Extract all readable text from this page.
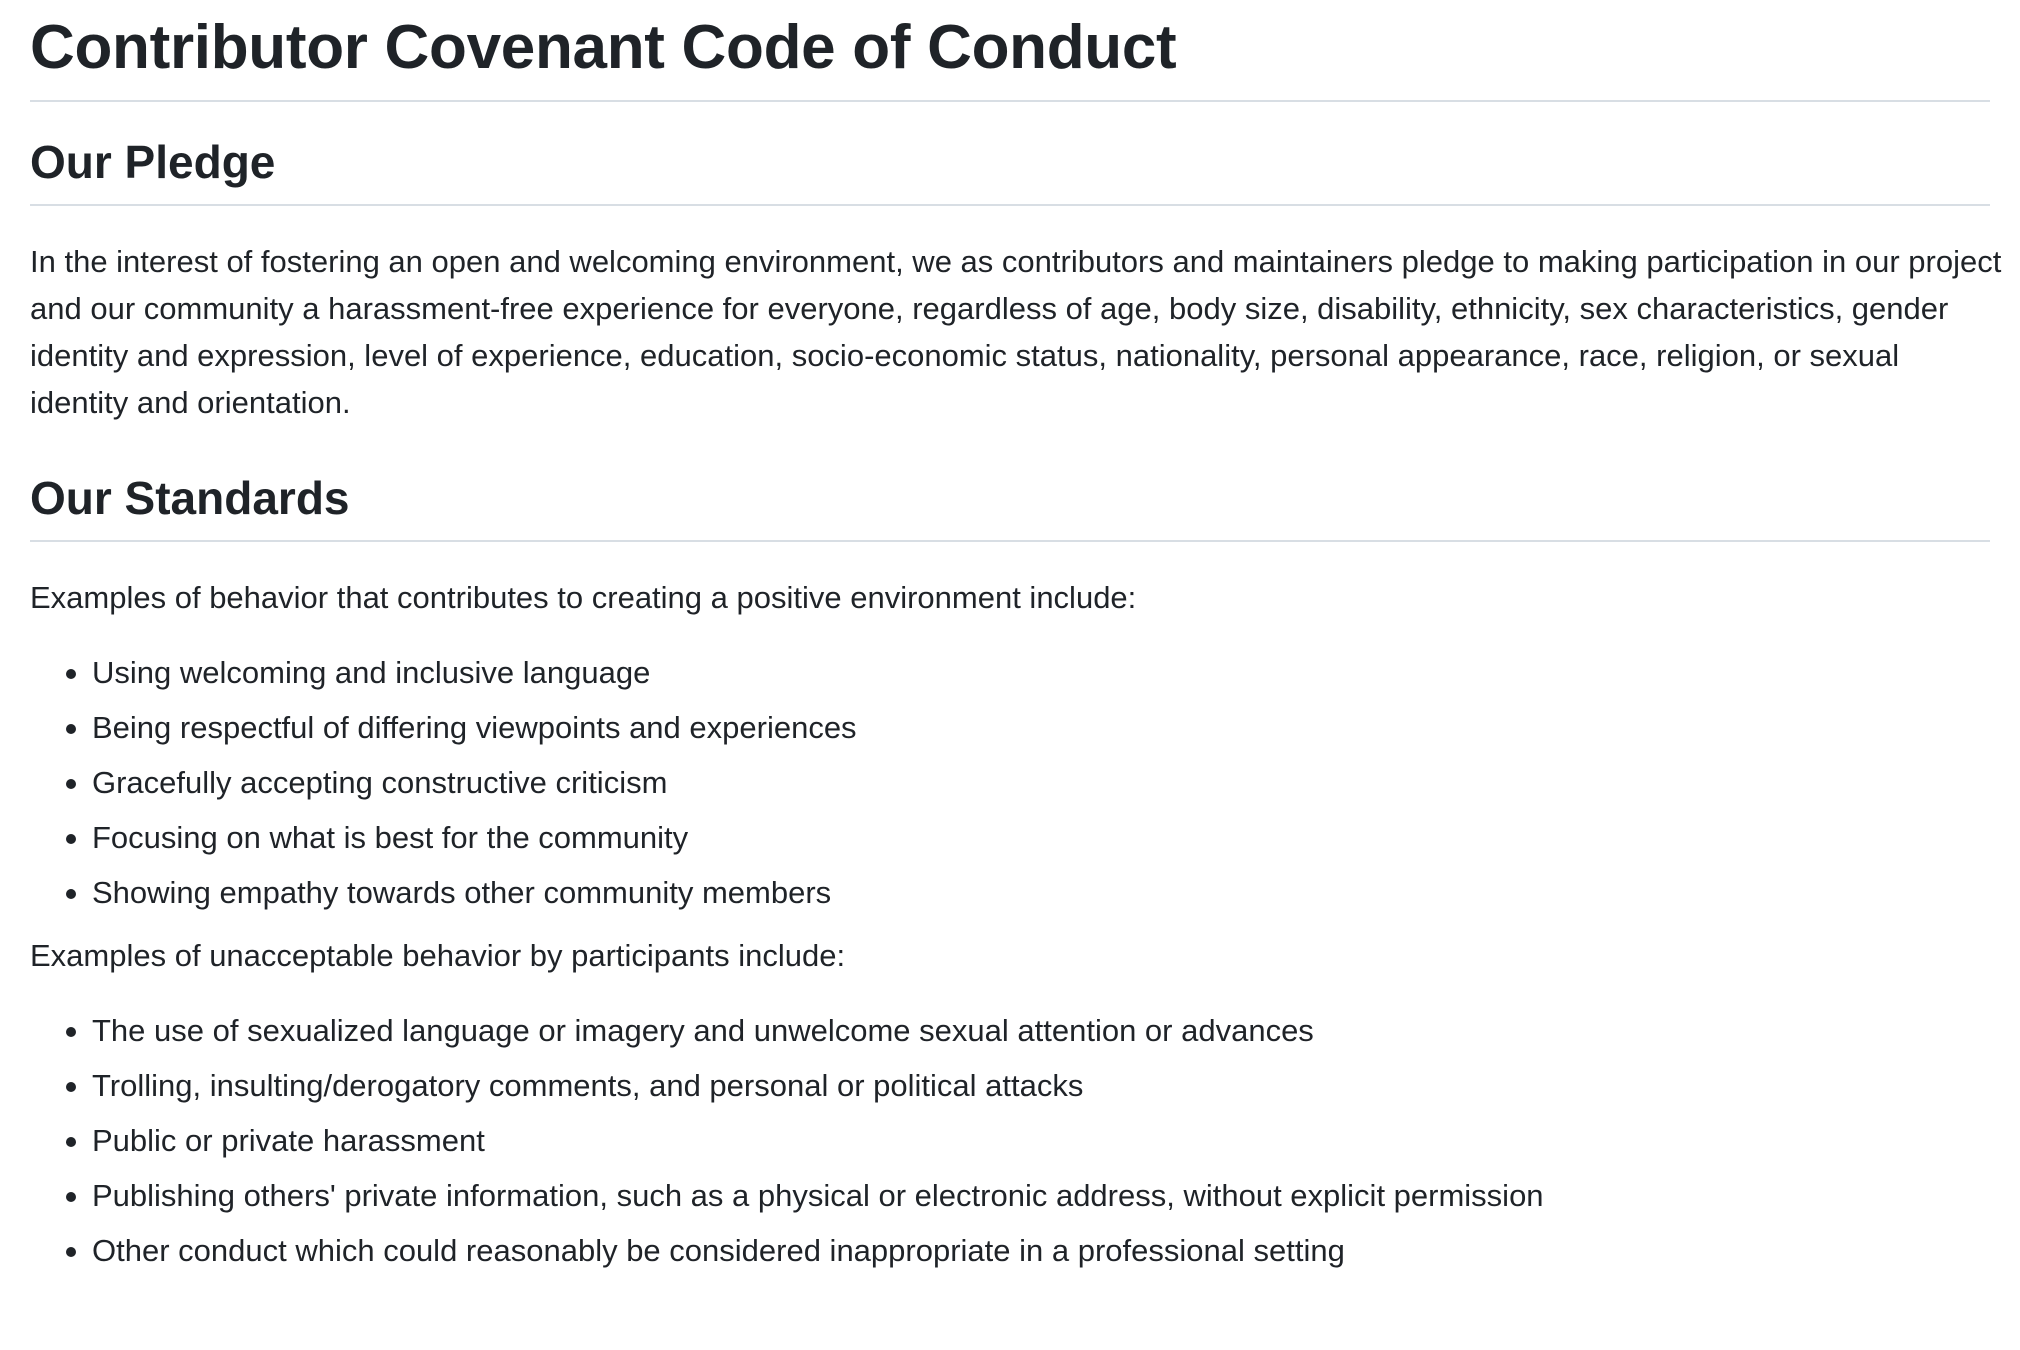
Contributor Covenant Code of Conduct
Our Pledge

In the interest of fostering an open and welcoming environment, we as contributors and maintainers pledge to making participation in our project and our community a harassment-free experience for everyone, regardless of age, body size, disability, ethnicity, sex characteristics, gender identity and expression, level of experience, education, socio-economic status, nationality, personal appearance, race, religion, or sexual identity and orientation.

Our Standards

Examples of behavior that contributes to creating a positive environment include:

Using welcoming and inclusive language
Being respectful of differing viewpoints and experiences
Gracefully accepting constructive criticism
Focusing on what is best for the community
Showing empathy towards other community members

Examples of unacceptable behavior by participants include:

The use of sexualized language or imagery and unwelcome sexual attention or advances
Trolling, insulting/derogatory comments, and personal or political attacks
Public or private harassment
Publishing others' private information, such as a physical or electronic address, without explicit permission
Other conduct which could reasonably be considered inappropriate in a professional setting
